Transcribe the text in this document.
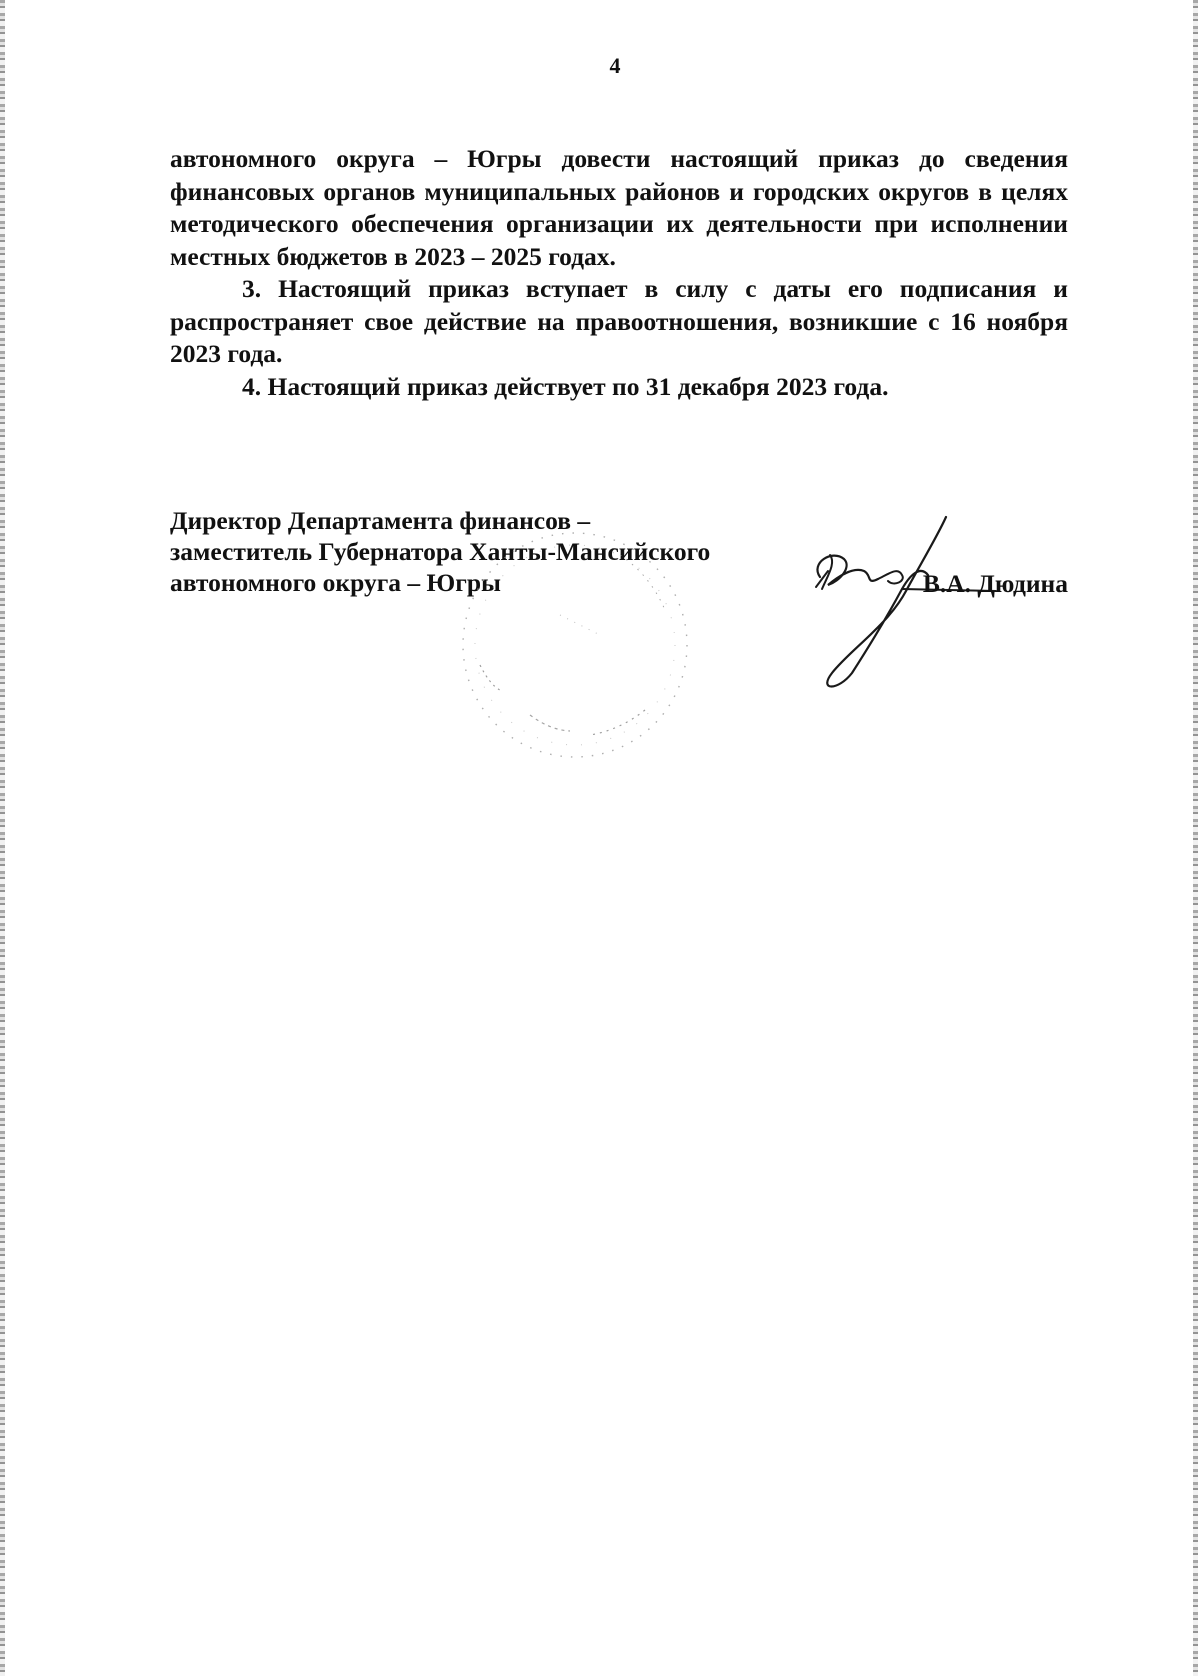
4

автономного округа – Югры довести настоящий приказ до сведения финансовых органов муниципальных районов и городских округов в целях методического обеспечения организации их деятельности при исполнении местных бюджетов в 2023 – 2025 годах.

3. Настоящий приказ вступает в силу с даты его подписания и распространяет свое действие на правоотношения, возникшие с 16 ноября 2023 года.

4. Настоящий приказ действует по 31 декабря 2023 года.

Директор Департамента финансов –
заместитель Губернатора Ханты-Мансийского
автономного округа – Югры	В.А. Дюдина
